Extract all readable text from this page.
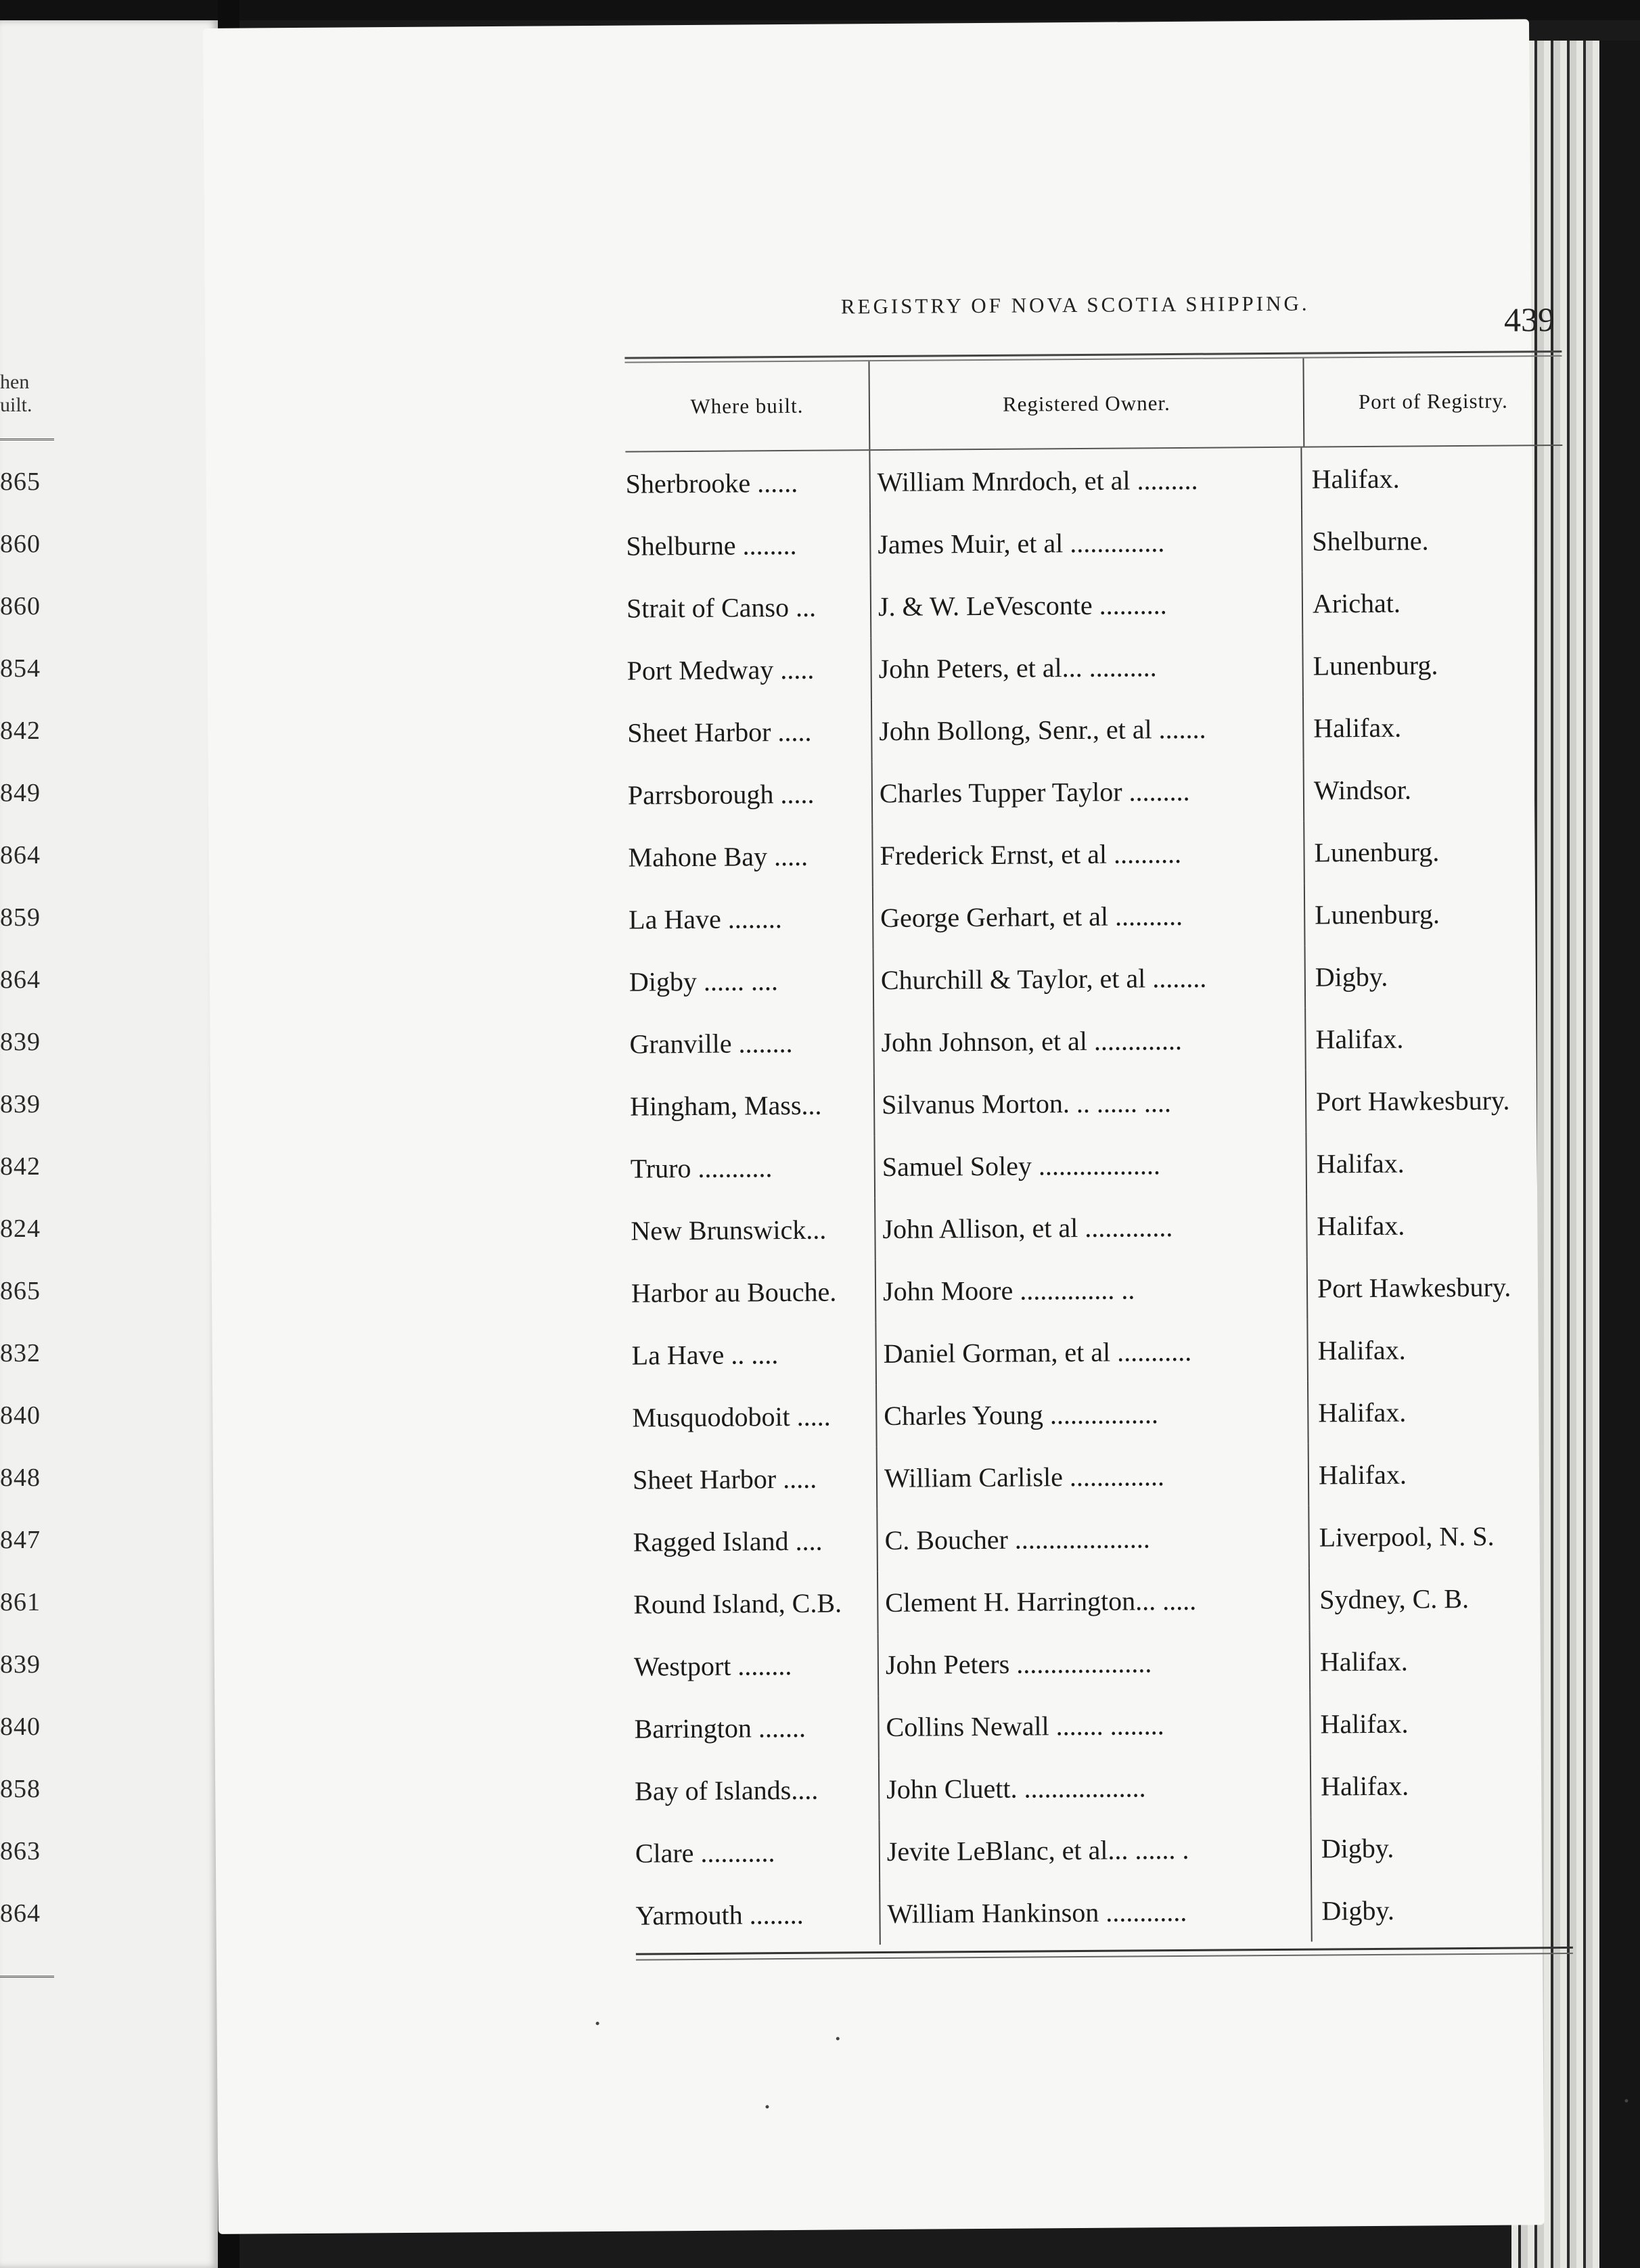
hen
uilt.
865
860
860
854
842
849
864
859
864
839
839
842
824
865
832
840
848
847
861
839
840
858
863
864
REGISTRY OF NOVA SCOTIA SHIPPING.	439
Where built.	Registered Owner.	Port of Registry.
Sherbrooke ......	William Mnrdoch, et al .........	Halifax.
Shelburne ........	James Muir, et al ..............	Shelburne.
Strait of Canso ...	J. & W. LeVesconte ..........	Arichat.
Port Medway .....	John Peters, et al... ..........	Lunenburg.
Sheet Harbor .....	John Bollong, Senr., et al .......	Halifax.
Parrsborough .....	Charles Tupper Taylor .........	Windsor.
Mahone Bay .....	Frederick Ernst, et al ..........	Lunenburg.
La Have ........	George Gerhart, et al ..........	Lunenburg.
Digby ...... ....	Churchill & Taylor, et al ........	Digby.
Granville ........	John Johnson, et al .............	Halifax.
Hingham, Mass...	Silvanus Morton. .. ...... ....	Port Hawkesbury.
Truro ...........	Samuel Soley ..................	Halifax.
New Brunswick...	John Allison, et al .............	Halifax.
Harbor au Bouche.	John Moore .............. ..	Port Hawkesbury.
La Have .. ....	Daniel Gorman, et al ...........	Halifax.
Musquodoboit .....	Charles Young ................	Halifax.
Sheet Harbor .....	William Carlisle ..............	Halifax.
Ragged Island ....	C. Boucher ....................	Liverpool, N. S.
Round Island, C.B.	Clement H. Harrington... .....	Sydney, C. B.
Westport ........	John Peters ....................	Halifax.
Barrington .......	Collins Newall ....... ........	Halifax.
Bay of Islands....	John Cluett. ..................	Halifax.
Clare ...........	Jevite LeBlanc, et al... ...... .	Digby.
Yarmouth ........	William Hankinson ............	Digby.
